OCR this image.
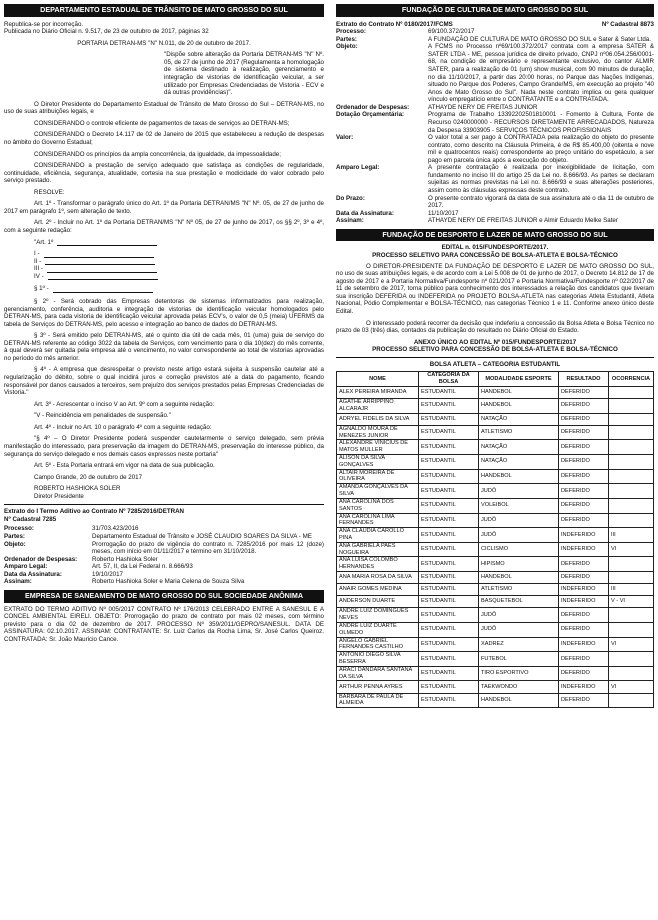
DEPARTAMENTO ESTADUAL DE TRÂNSITO DE MATO GROSSO DO SUL
Republica-se por incorreção.
Publicada no Diário Oficial n. 9.517, de 23 de outubro de 2017, páginas 32
PORTARIA DETRAN-MS "N" N.011, de 20 de outubro de 2017.
"Dispõe sobre alteração da Portaria DETRAN-MS "N" Nº. 05, de 27 de junho de 2017 (Regulamenta a homologação de sistema destinado à realização, gerenciamento e integração de vistorias de identificação veicular, a ser utilizado por Empresas Credenciadas de Vistoria - ECV e dá outras providências)".
O Diretor Presidente do Departamento Estadual de Trânsito de Mato Grosso do Sul – DETRAN-MS, no uso de suas atribuições legais, e
CONSIDERANDO o controle eficiente de pagamentos de taxas de serviços ao DETRAN-MS;
CONSIDERANDO o Decreto 14.117 de 02 de Janeiro de 2015 que estabeleceu a redução de despesas no âmbito do Governo Estadual;
CONSIDERANDO os princípios da ampla concorrência, da igualdade, da impessoalidade;
CONSIDERANDO a prestação de serviço adequado que satisfaça as condições de regularidade, continuidade, eficiência, segurança, atualidade, cortesia na sua prestação e modicidade do valor cobrado pelo serviço prestado.
RESOLVE:
Art. 1º - Transformar o parágrafo único do Art. 1º da Portaria DETRAN/MS "N" Nº. 05, de 27 de junho de 2017 em parágrafo 1º, sem alteração de texto.
Art. 2º - Incluir no Art. 1º da Portaria DETRAN/MS "N" Nº 05, de 27 de junho de 2017, os §§ 2º, 3º e 4º, com a seguinte redação:
"Art. 1º
I -
II -
III -
IV -
§ 1º -
§ 2º - Será cobrado das Empresas detentoras de sistemas informatizados para realização, gerenciamento, conferência, auditoria e integração de vistorias de identificação veicular homologados pelo DETRAN-MS, para cada vistoria de identificação veicular aprovada pelas ECV's, o valor de 0,5 (meia) UFERMS da tabela de Serviços do DETRAN-MS, pelo acesso e integração ao banco de dados do DETRAN-MS.
§ 3º - Será emitido pelo DETRAN-MS, até o quinto dia útil de cada mês, 01 (uma) guia de serviço do DETRAN-MS referente ao código 3022 da tabela de Serviços, com vencimento para o dia 10(dez) do mês corrente, à qual deverá ser quitada pela empresa até o vencimento, no valor correspondente ao total de vistorias aprovadas no período do mês anterior.
§ 4º - A empresa que desrespeitar o previsto neste artigo estará sujeita à suspensão cautelar até a regularização do débito, sobre o qual incidirá juros e correção previstos até a data do pagamento, ficando responsável por danos causados a terceiros, sem prejuízo dos serviços prestados pelas Empresas Credenciadas de Vistoria."
Art. 3º - Acrescentar o inciso V ao Art. 9º com a seguinte redação:
"V - Reincidência em penalidades de suspensão."
Art. 4º - Incluir no Art. 10 o parágrafo 4º com a seguinte redação:
"§ 4º – O Diretor Presidente poderá suspender cautelarmente o serviço delegado, sem prévia manifestação do interessado, para preservação da imagem do DETRAN-MS, preservação do interesse público, da segurança do serviço delegado e nos demais casos expressos neste portaria"
Art. 5º - Esta Portaria entrará em vigor na data de sua publicação.
Campo Grande, 20 de outubro de 2017
ROBERTO HASHIOKA SOLER
Diretor Presidente
Extrato do I Termo Aditivo ao Contrato Nº 7285/2016/DETRAN
Nº Cadastral 7285
Processo:	31/703.423/2016
Partes:	Departamento Estadual de Trânsito e JOSÉ CLAUDIO SOARES DA SILVA - ME
Objeto:	Prorrogação do prazo de vigência do contrato n. 7285/2016 por mais 12 (doze) meses, com início em 01/11/2017 e término em 31/10/2018.
Ordenador de Despesas:	Roberto Hashioka Soler
Amparo Legal:	Art. 57, II, da Lei Federal n. 8.666/93
Data da Assinatura:	19/10/2017
Assinam:	Roberto Hashioka Soler e Maria Celena de Souza Silva
EMPRESA DE SANEAMENTO DE MATO GROSSO DO SUL SOCIEDADE ANÔNIMA
EXTRATO DO TERMO ADITIVO Nº 005/2017 CONTRATO Nº 176/2013 CELEBRADO ENTRE A SANESUL E A CONCEL AMBIENTAL EIRELI. OBJETO: Prorrogação do prazo de contrato por mais 02 meses, com término previsto para o dia 02 de dezembro de 2017. PROCESSO Nº 359/2011/GEPRO/SANESUL. DATA DE ASSINATURA: 02.10.2017. ASSINAM: CONTRATANTE: Sr. Luiz Carlos da Rocha Lima, Sr. José Carlos Queiroz. CONTRATADA: Sr. João Mauricio Cance.
FUNDAÇÃO DE CULTURA DE MATO GROSSO DO SUL
Extrato do Contrato Nº 0180/2017/FCMS	Nº Cadastral 8873
Processo:	69/100.372/2017
Partes:	A FUNDAÇÃO DE CULTURA DE MATO GROSSO DO SUL e Sater & Sater Ltda.
Objeto:	A FCMS no Processo nº69/100.372/2017 contrata com a empresa SATER & SATER LTDA - ME, pessoa jurídica de direito privado, CNPJ nº06.054.256/0001-68, na condição de empresário e representante exclusivo, do cantor ALMIR SATER, para a realização de 01 (um) show musical, com 90 minutos de duração, no dia 11/10/2017, a partir das 20:00 horas, no Parque das Nações Indígenas, situado no Parque dos Poderes, Campo Grande/MS, em execução ao projeto "40 Anos de Mato Grosso do Sul". Nada neste contrato implica ou gera qualquer vínculo empregatício entre o CONTRATANTE e a CONTRATADA.
Ordenador de Despesas:	ATHAYDE NERY DE FREITAS JUNIOR
Dotação Orçamentária:	Programa de Trabalho 13392202501810001 - Fomento à Cultura, Fonte de Recurso 0240000000 - RECURSOS DIRETAMENTE ARRECADADOS, Natureza da Despesa 33903905 - SERVIÇOS TÉCNICOS PROFISSIONAIS
Valor:	O valor total a ser pago à CONTRATADA pela realização do objeto do presente contrato, como descrito na Cláusula Primeira, é de R$ 85.400,00 (oitenta e nove mil e quatrocentos reais) correspondente ao preço unitário do espetáculo, a ser pago em parcela única após a execução do objeto.
Amparo Legal:	A presente contratação é realizada por inexigibilidade de licitação, com fundamento no inciso III do artigo 25 da Lei no. 8.666/93. As partes se declaram sujeitas as normas previstas na Lei no. 8.666/93 e suas alterações posteriores, assim como às cláusulas expressas deste contrato.
Do Prazo:	O presente contrato vigorará da data de sua assinatura até o dia 11 de outubro de 2017.
Data da Assinatura:	11/10/2017
Assinam:	ATHAYDE NERY DE FREITAS JUNIOR e Almir Eduardo Melke Sater
FUNDAÇÃO DE DESPORTO E LAZER DE MATO GROSSO DO SUL
EDITAL n. 015/FUNDESPORTE/2017.
PROCESSO SELETIVO PARA CONCESSÃO DE BOLSA-ATLETA E BOLSA-TÉCNICO
O DIRETOR-PRESIDENTE DA FUNDAÇÃO DE DESPORTO E LAZER DE MATO GROSSO DO SUL, no uso de suas atribuições legais, e de acordo com a Lei 5.008 de 01 de junho de 2017, o Decreto 14.812 de 17 de agosto de 2017 e a Portaria Normativa/Fundesporte nº 021/2017 e Portaria Normativa/Fundesporte nº 022/2017 de 11 de setembro de 2017, torna público para conhecimento dos interessados a relação dos candidatos que tiveram sua inscrição DEFERIDA ou INDEFERIDA no PROJETO BOLSA-ATLETA nas categorias Atleta Estudantil, Atleta Nacional, Pódio Complementar e BOLSA-TÉCNICO, nas categorias Técnico 1 e 11. Conforme anexo único deste Edital.
O interessado poderá recorrer da decisão que indeferiu a concessão da Bolsa Atleta e Bolsa Técnico no prazo de 03 (três) dias, contados da publicação do resultado no Diário Oficial do Estado.
ANEXO ÚNICO AO EDITAL Nº 015/FUNDESPORTE/2017
PROCESSO SELETIVO PARA CONCESSÃO DE BOLSA-ATLETA E BOLSA-TÉCNICO
BOLSA ATLETA – CATEGORIA ESTUDANTIL
NOME	CATEGORIA DA BOLSA	MODALIDADE ESPORTE	RESULTADO	OCORRENCIA
ALEX PEREIRA MIRANDA	ESTUDANTIL	HANDEBOL	DEFERIDO	
AGATHE ARRIPPINO ALCARAJR	ESTUDANTIL	HANDEBOL	DEFERIDO	
ADRYEL FIDELIS DA SILVA	ESTUDANTIL	NATAÇÃO	DEFERIDO	
AGNALDO MOURA DE MENEZES JUNIOR	ESTUDANTIL	ATLETISMO	DEFERIDO	
ALEXANDRE VINICIUS DE MATOS MULLER	ESTUDANTIL	NATAÇÃO	DEFERIDO	
ALISON DA SILVA GONÇALVES	ESTUDANTIL	NATAÇÃO	DEFERIDO	
ALTAIR MOREIRA DE OLIVEIRA	ESTUDANTIL	HANDEBOL	DEFERIDO	
AMANDA GONÇALVES DA SILVA	ESTUDANTIL	JUDÔ	DEFERIDO	
ANA CAROLINA DOS SANTOS	ESTUDANTIL	VOLEIBOL	DEFERIDO	
ANA CAROLINA LIMA FERNANDES	ESTUDANTIL	JUDÔ	DEFERIDO	
ANA CLAUDIA CAROLLO PINA	ESTUDANTIL	JUDÔ	INDEFERIDO	III
ANA GABRIELA PAES NOGUEIRA	ESTUDANTIL	CICLISMO	INDEFERIDO	VI
ANA LUISA COLOMBO HERNANDES	ESTUDANTIL	HIPISMO	DEFERIDO	
ANA MARIA ROSA DA SILVA	ESTUDANTIL	HANDEBOL	DEFERIDO	
ANAIR GOMES MEDINA	ESTUDANTIL	ATLETISMO	INDEFERIDO	III
ANDERSON DUARTE	ESTUDANTIL	BASQUETEBOL	INDEFERIDO	V - VI
ANDRÉ LUIZ DOMINGUES NEVES	ESTUDANTIL	JUDÔ	DEFERIDO	
ANDRÉ LUIZ DUARTE OLMEDO	ESTUDANTIL	JUDÔ	DEFERIDO	
ANGELO GABRIEL FERNANDES CASTILHO	ESTUDANTIL	XADREZ	INDEFERIDO	VI
ANTONIO DIEGO SILVA BESERRA	ESTUDANTIL	FUTEBOL	DEFERIDO	
ARACI DANDARA SANTANA DA SILVA	ESTUDANTIL	TIRO ESPORTIVO	DEFERIDO	
ARTHUR PENNA AYRES	ESTUDANTIL	TAEKWONDO	INDEFERIDO	VI
BARBARA DE PAULA DE ALMEIDA	ESTUDANTIL	HANDEBOL	DEFERIDO	
